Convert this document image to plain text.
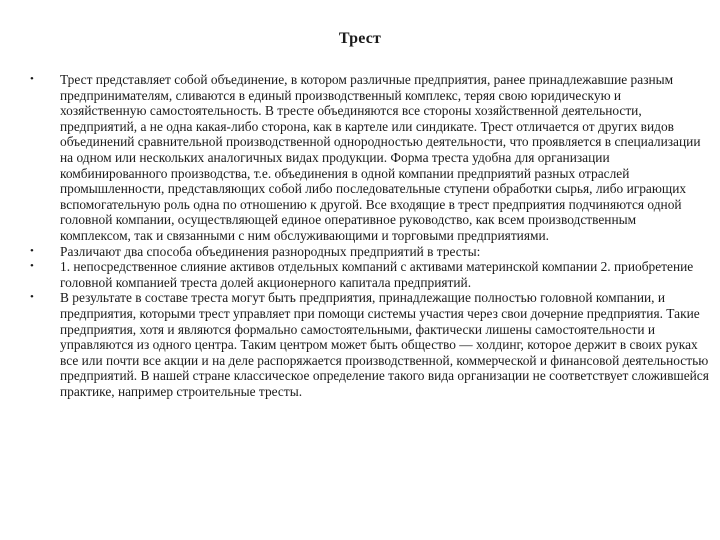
Трест
•	Трест представляет собой объединение, в котором различные предприятия, ранее принадлежавшие разным предпринимателям, сливаются в единый производственный комплекс, теряя свою юридическую и хозяйственную самостоятельность. В тресте объединяются все стороны хозяйственной деятельности, предприятий, а не одна какая-либо сторона, как в картеле или синдикате. Трест отличается от других видов объединений сравнительной производственной однородностью деятельности, что проявляется в специализации на одном или нескольких аналогичных видах продукции. Форма треста удобна для организации комбинированного производства, т.е. объединения в одной компании предприятий разных отраслей промышленности, представляющих собой либо последовательные ступени обработки сырья, либо играющих вспомогательную роль одна по отношению к другой. Все входящие в трест предприятия подчиняются одной головной компании, осуществляющей единое оперативное руководство, как всем производственным комплексом, так и связанными с ним обслуживающими и торговыми предприятиями.

•	Различают два способа объединения разнородных предприятий в тресты:

•	1. непосредственное слияние активов отдельных компаний с активами материнской компании 2. приобретение головной компанией треста долей акционерного капитала предприятий.

•	В результате в составе треста могут быть предприятия, принадлежащие полностью головной компании, и предприятия, которыми трест управляет при помощи системы участия через свои дочерние предприятия. Такие предприятия, хотя и являются формально самостоятельными, фактически лишены самостоятельности и управляются из одного центра. Таким центром может быть общество — холдинг, которое держит в своих руках все или почти все акции и на деле распоряжается производственной, коммерческой и финансовой деятельностью предприятий. В нашей стране классическое определение такого вида организации не соответствует сложившейся практике, например строительные тресты.
